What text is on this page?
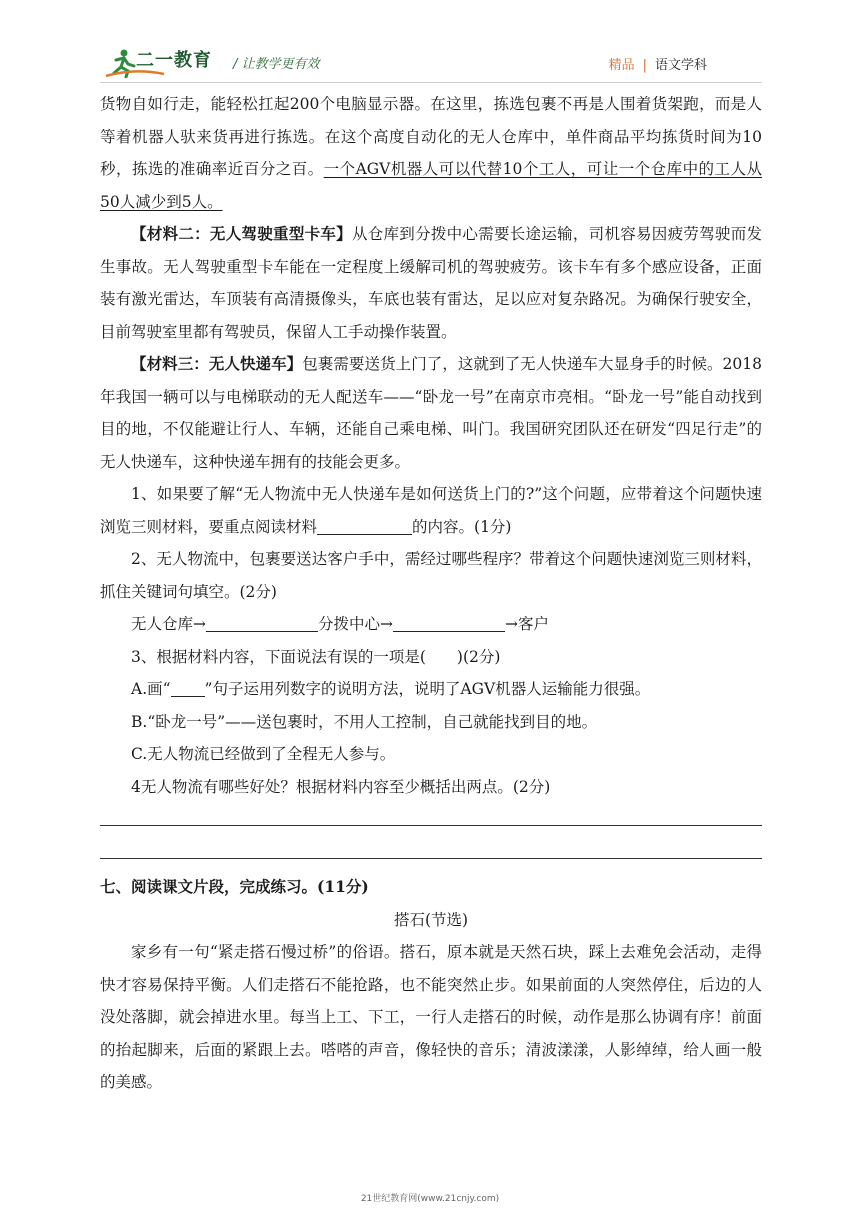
二一教育 / 让教学更有效	精品 | 语文学科

货物自如行走，能轻松扛起200个电脑显示器。在这里，拣选包裹不再是人围着货架跑，而是人等着机器人驮来货再进行拣选。在这个高度自动化的无人仓库中，单件商品平均拣货时间为10秒，拣选的准确率近百分之百。一个AGV机器人可以代替10个工人，可让一个仓库中的工人从50人减少到5人。

【材料二：无人驾驶重型卡车】从仓库到分拨中心需要长途运输，司机容易因疲劳驾驶而发生事故。无人驾驶重型卡车能在一定程度上缓解司机的驾驶疲劳。该卡车有多个感应设备，正面装有激光雷达，车顶装有高清摄像头，车底也装有雷达，足以应对复杂路况。为确保行驶安全，目前驾驶室里都有驾驶员，保留人工手动操作装置。

【材料三：无人快递车】包裹需要送货上门了，这就到了无人快递车大显身手的时候。2018年我国一辆可以与电梯联动的无人配送车——“卧龙一号”在南京市亮相。“卧龙一号”能自动找到目的地，不仅能避让行人、车辆，还能自己乘电梯、叫门。我国研究团队还在研发“四足行走”的无人快递车，这种快递车拥有的技能会更多。

1、如果要了解“无人物流中无人快递车是如何送货上门的?”这个问题，应带着这个问题快速浏览三则材料，要重点阅读材料	的内容。(1分)

2、无人物流中，包裹要送达客户手中，需经过哪些程序？带着这个问题快速浏览三则材料，抓住关键词句填空。(2分)

无人仓库→	分拨中心→	→客户

3、根据材料内容，下面说法有误的一项是(　　)(2分)

A.画“ ”句子运用列数字的说明方法，说明了AGV机器人运输能力很强。

B.“卧龙一号”——送包裹时，不用人工控制，自己就能找到目的地。

C.无人物流已经做到了全程无人参与。

4无人物流有哪些好处？根据材料内容至少概括出两点。(2分)

七、阅读课文片段，完成练习。(11分)

搭石(节选)

家乡有一句“紧走搭石慢过桥”的俗语。搭石，原本就是天然石块，踩上去难免会活动，走得快才容易保持平衡。人们走搭石不能抢路，也不能突然止步。如果前面的人突然停住，后边的人没处落脚，就会掉进水里。每当上工、下工，一行人走搭石的时候，动作是那么协调有序！前面的抬起脚来，后面的紧跟上去。嗒嗒的声音，像轻快的音乐；清波漾漾，人影绰绰，给人画一般的美感。

21世纪教育网(www.21cnjy.com)
